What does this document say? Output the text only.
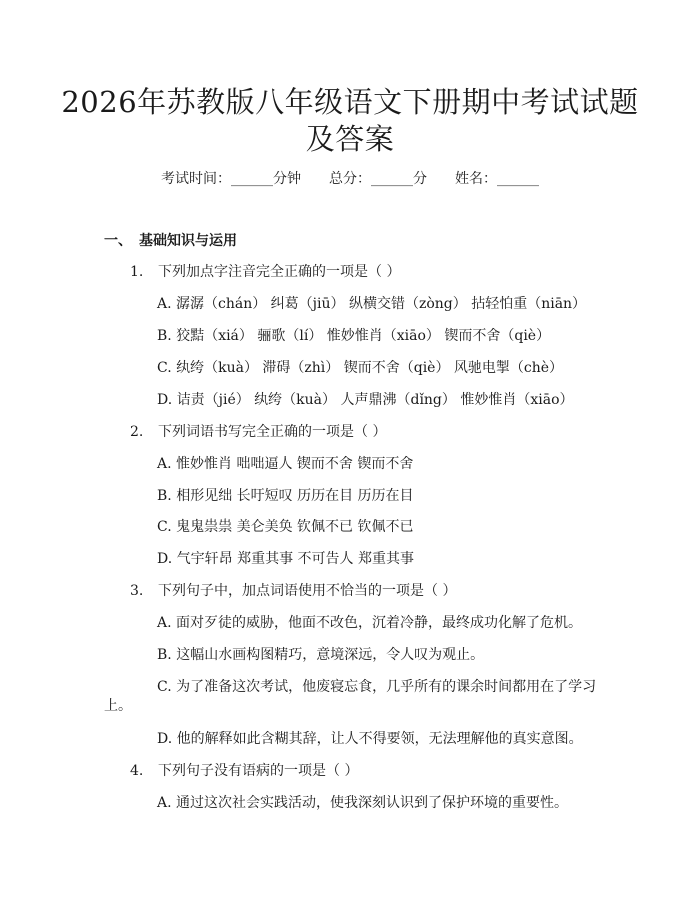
2026年苏教版八年级语文下册期中考试试题
及答案
考试时间：______分钟 总分：______分 姓名：______
一、 基础知识与运用
1. 下列加点字注音完全正确的一项是（ ）
A. 潺潺（chán） 纠葛（jiū） 纵横交错（zòng） 拈轻怕重（niān）
B. 狡黠（xiá） 骊歌（lí） 惟妙惟肖（xiāo） 锲而不舍（qiè）
C. 纨绔（kuà） 滞碍（zhì） 锲而不舍（qiè） 风驰电掣（chè）
D. 诘责（jié） 纨绔（kuà） 人声鼎沸（dǐng） 惟妙惟肖（xiāo）
2. 下列词语书写完全正确的一项是（ ）
A. 惟妙惟肖 咄咄逼人 锲而不舍 锲而不舍
B. 相形见绌 长吁短叹 历历在目 历历在目
C. 鬼鬼祟祟 美仑美奂 钦佩不已 钦佩不已
D. 气宇轩昂 郑重其事 不可告人 郑重其事
3. 下列句子中，加点词语使用不恰当的一项是（ ）
A. 面对歹徒的威胁，他面不改色，沉着冷静，最终成功化解了危机。
B. 这幅山水画构图精巧，意境深远，令人叹为观止。
C. 为了准备这次考试，他废寝忘食，几乎所有的课余时间都用在了学习
上。
D. 他的解释如此含糊其辞，让人不得要领，无法理解他的真实意图。
4. 下列句子没有语病的一项是（ ）
A. 通过这次社会实践活动，使我深刻认识到了保护环境的重要性。
